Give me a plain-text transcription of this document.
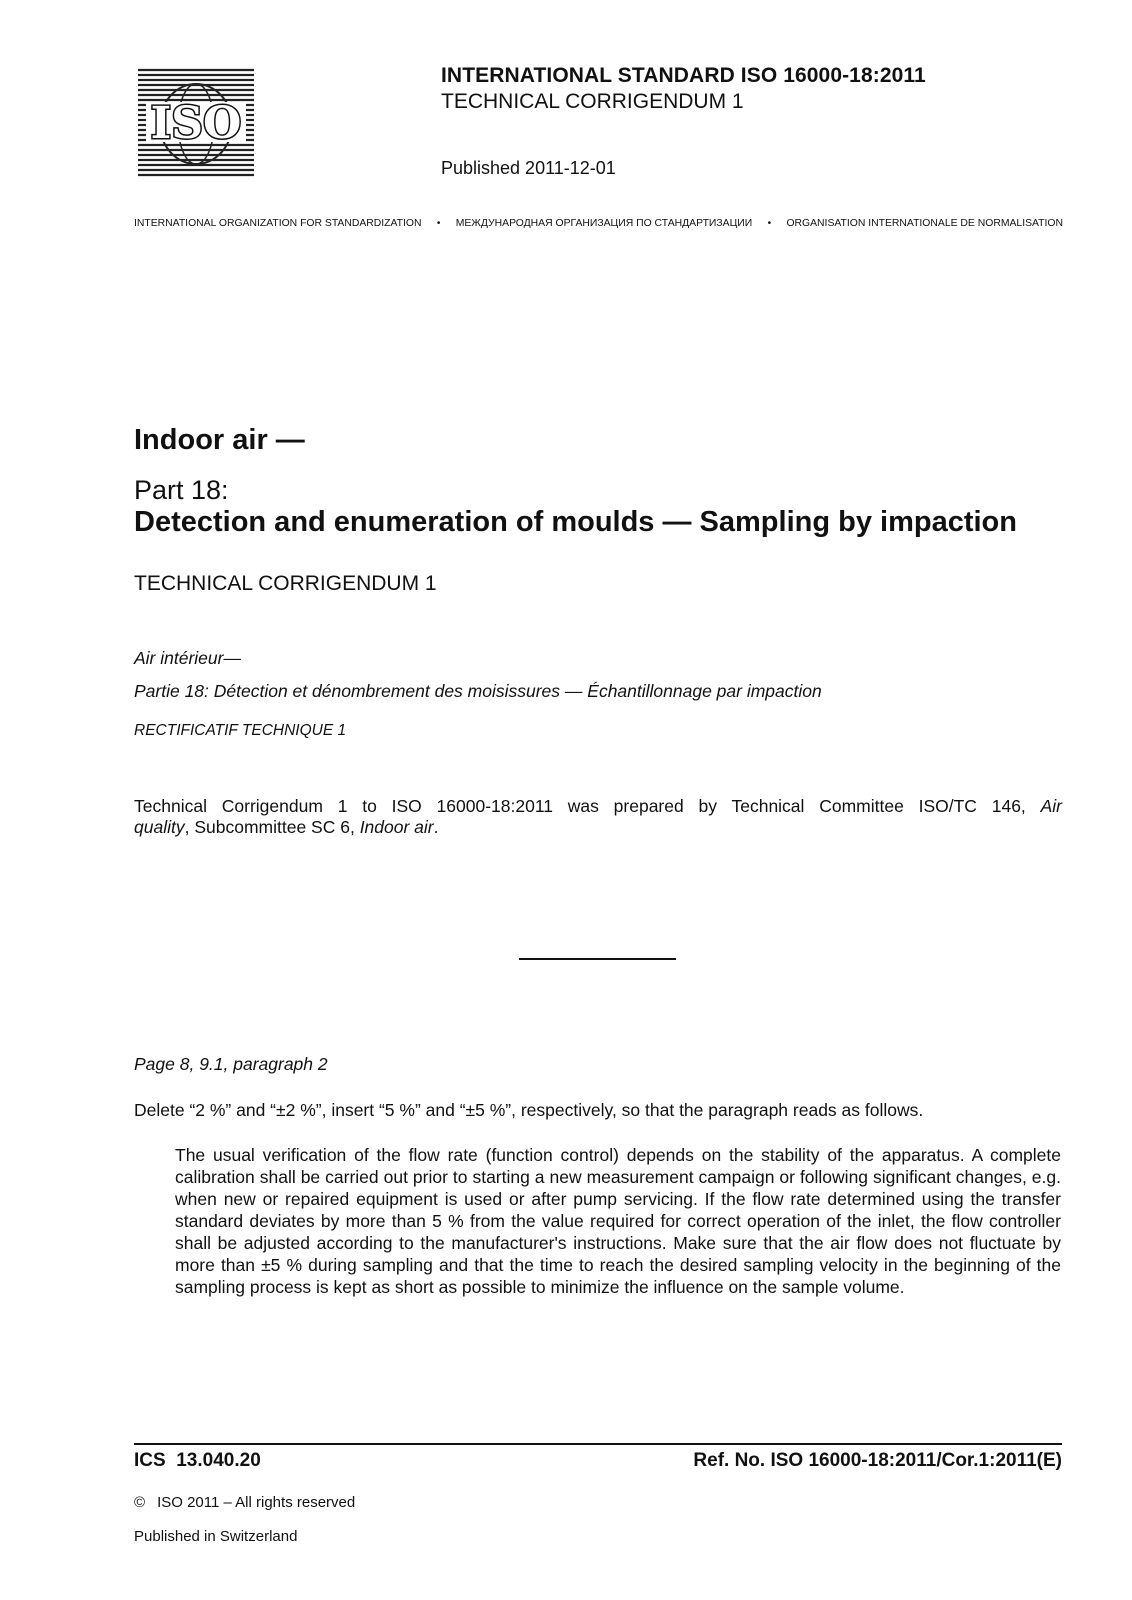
ISO
INTERNATIONAL STANDARD ISO 16000-18:2011
TECHNICAL CORRIGENDUM 1
Published 2011-12-01
INTERNATIONAL ORGANIZATION FOR STANDARDIZATION • МЕЖДУНАРОДНАЯ ОРГАНИЗАЦИЯ ПО СТАНДАРТИЗАЦИИ • ORGANISATION INTERNATIONALE DE NORMALISATION
Indoor air —
Part 18:
Detection and enumeration of moulds — Sampling by impaction
TECHNICAL CORRIGENDUM 1
Air intérieur—
Partie 18: Détection et dénombrement des moisissures — Échantillonnage par impaction
RECTIFICATIF TECHNIQUE 1
Technical Corrigendum 1 to ISO 16000-18:2011 was prepared by Technical Committee ISO/TC 146, Air
quality, Subcommittee SC 6, Indoor air.
Page 8, 9.1, paragraph 2
Delete “2 %” and “±2 %”, insert “5 %” and “±5 %”, respectively, so that the paragraph reads as follows.

The usual verification of the flow rate (function control) depends on the stability of the apparatus. A complete calibration shall be carried out prior to starting a new measurement campaign or following significant changes, e.g. when new or repaired equipment is used or after pump servicing. If the flow rate determined using the transfer standard deviates by more than 5 % from the value required for correct operation of the inlet, the flow controller shall be adjusted according to the manufacturer's instructions. Make sure that the air flow does not fluctuate by more than ±5 % during sampling and that the time to reach the desired sampling velocity in the beginning of the sampling process is kept as short as possible to minimize the influence on the sample volume.

ICS  13.040.20	Ref. No. ISO 16000-18:2011/Cor.1:2011(E)
© ISO 2011 – All rights reserved
Published in Switzerland
